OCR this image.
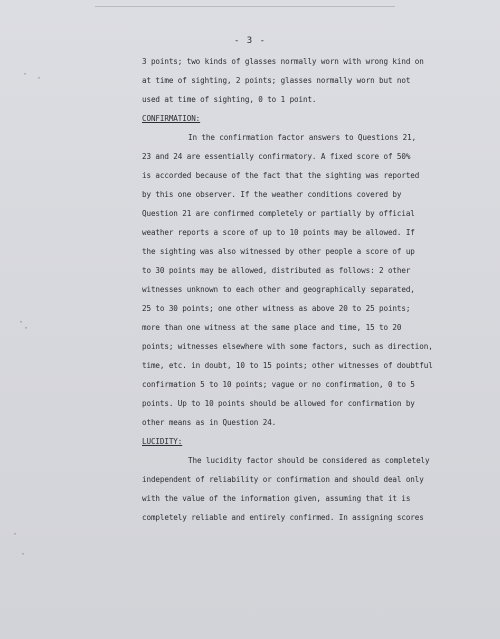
· ·
·
·
·
·
- 3 -
3 points; two kinds of glasses normally worn with wrong kind on
at time of sighting, 2 points; glasses normally worn but not
used at time of sighting, 0 to 1 point.
CONFIRMATION:
In the confirmation factor answers to Questions 21,
23 and 24 are essentially confirmatory. A fixed score of 50%
is accorded because of the fact that the sighting was reported
by this one observer. If the weather conditions covered by
Question 21 are confirmed completely or partially by official
weather reports a score of up to 10 points may be allowed. If
the sighting was also witnessed by other people a score of up
to 30 points may be allowed, distributed as follows: 2 other
witnesses unknown to each other and geographically separated,
25 to 30 points; one other witness as above 20 to 25 points;
more than one witness at the same place and time, 15 to 20
points; witnesses elsewhere with some factors, such as direction,
time, etc. in doubt, 10 to 15 points; other witnesses of doubtful
confirmation 5 to 10 points; vague or no confirmation, 0 to 5
points. Up to 10 points should be allowed for confirmation by
other means as in Question 24.
LUCIDITY:
The lucidity factor should be considered as completely
independent of reliability or confirmation and should deal only
with the value of the information given, assuming that it is
completely reliable and entirely confirmed. In assigning scores
